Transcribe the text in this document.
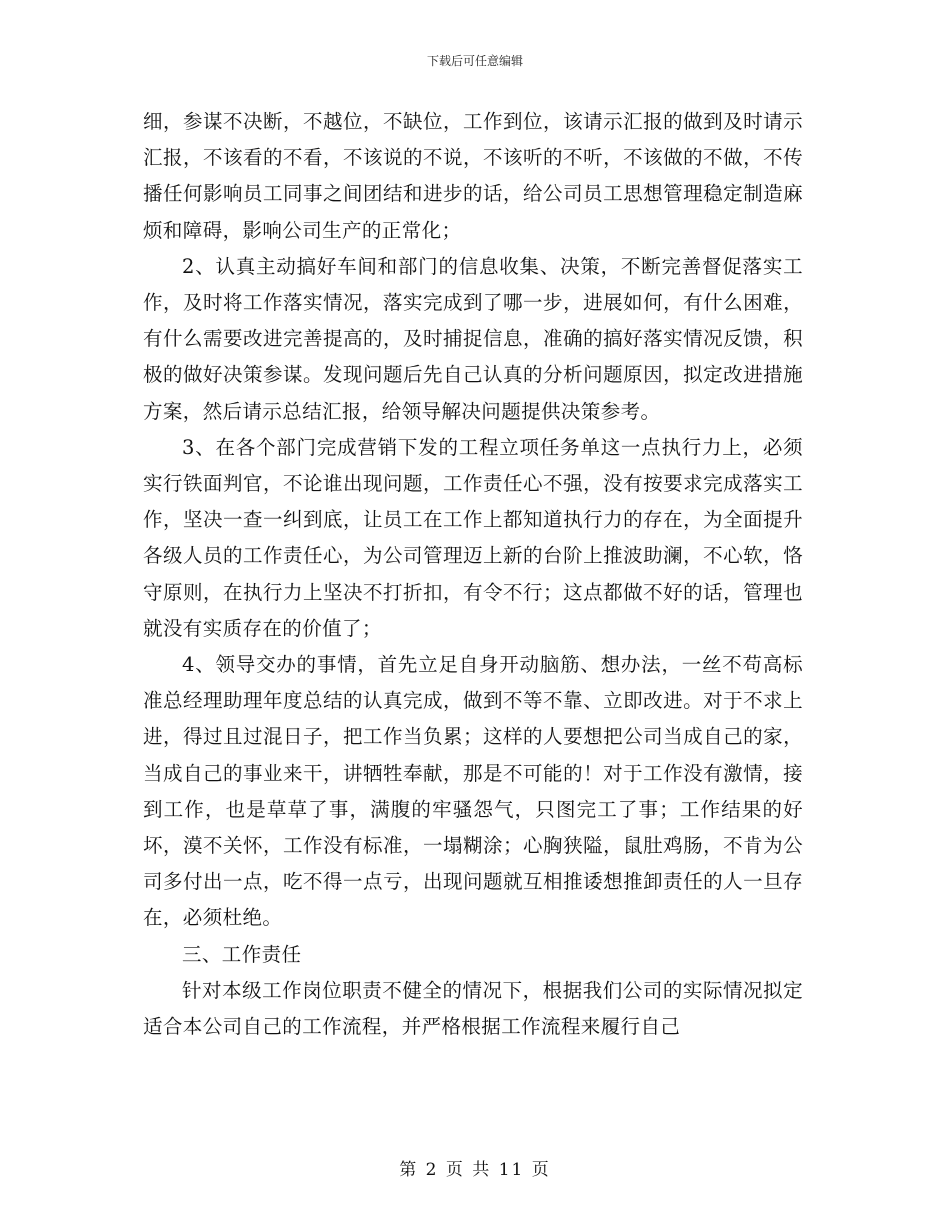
下载后可任意编辑

细，参谋不决断，不越位，不缺位，工作到位，该请示汇报的做到及时请示汇报，不该看的不看，不该说的不说，不该听的不听，不该做的不做，不传播任何影响员工同事之间团结和进步的话，给公司员工思想管理稳定制造麻烦和障碍，影响公司生产的正常化；

2、认真主动搞好车间和部门的信息收集、决策，不断完善督促落实工作，及时将工作落实情况，落实完成到了哪一步，进展如何，有什么困难，有什么需要改进完善提高的，及时捕捉信息，准确的搞好落实情况反馈，积极的做好决策参谋。发现问题后先自己认真的分析问题原因，拟定改进措施方案，然后请示总结汇报，给领导解决问题提供决策参考。

3、在各个部门完成营销下发的工程立项任务单这一点执行力上，必须实行铁面判官，不论谁出现问题，工作责任心不强，没有按要求完成落实工作，坚决一查一纠到底，让员工在工作上都知道执行力的存在，为全面提升各级人员的工作责任心，为公司管理迈上新的台阶上推波助澜，不心软，恪守原则，在执行力上坚决不打折扣，有令不行；这点都做不好的话，管理也就没有实质存在的价值了；

4、领导交办的事情，首先立足自身开动脑筋、想办法，一丝不苟高标准总经理助理年度总结的认真完成，做到不等不靠、立即改进。对于不求上进，得过且过混日子，把工作当负累；这样的人要想把公司当成自己的家，当成自己的事业来干，讲牺牲奉献，那是不可能的！对于工作没有激情，接到工作，也是草草了事，满腹的牢骚怨气，只图完工了事；工作结果的好坏，漠不关怀，工作没有标准，一塌糊涂；心胸狭隘，鼠肚鸡肠，不肯为公司多付出一点，吃不得一点亏，出现问题就互相推诿想推卸责任的人一旦存在，必须杜绝。

三、工作责任

针对本级工作岗位职责不健全的情况下，根据我们公司的实际情况拟定适合本公司自己的工作流程，并严格根据工作流程来履行自己

第 2 页 共 11 页
